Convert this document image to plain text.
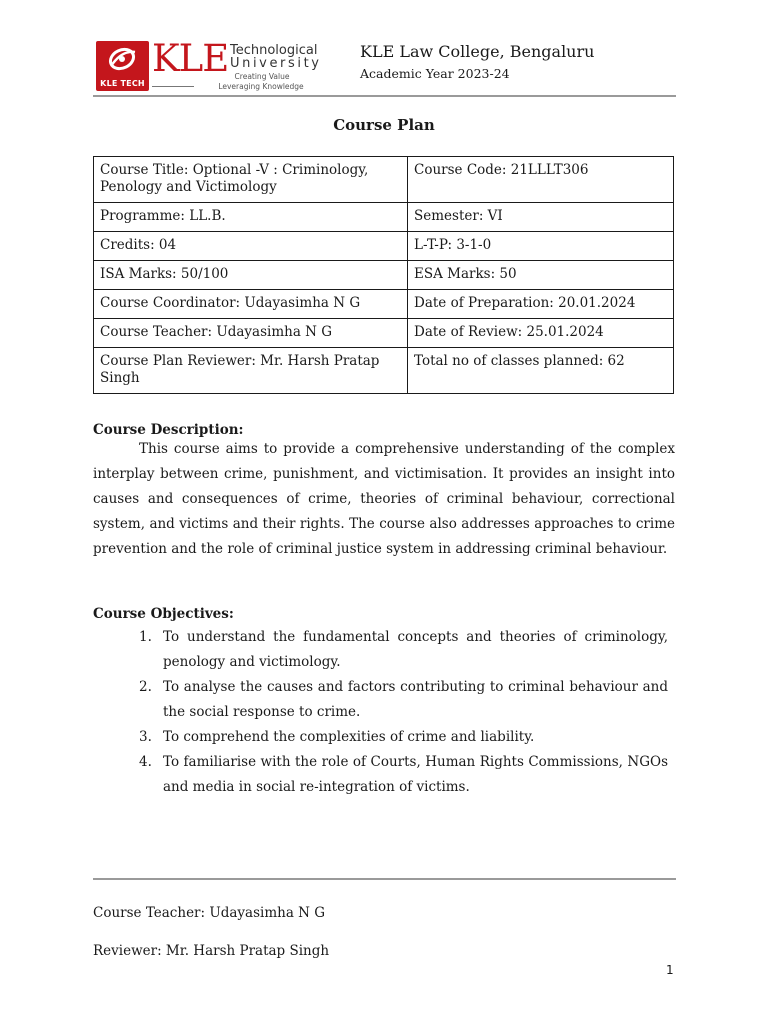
KLE TECH
KLE Technological
University
Creating Value
Leveraging Knowledge
KLE Law College, Bengaluru
Academic Year 2023-24
Course Plan
Course Title: Optional -V : Criminology, Penology and Victimology	Course Code: 21LLLT306
Programme: LL.B.	Semester: VI
Credits: 04	L-T-P: 3-1-0
ISA Marks: 50/100	ESA Marks: 50
Course Coordinator: Udayasimha N G	Date of Preparation: 20.01.2024
Course Teacher: Udayasimha N G	Date of Review: 25.01.2024
Course Plan Reviewer: Mr. Harsh Pratap Singh	Total no of classes planned: 62
Course Description:

This course aims to provide a comprehensive understanding of the complex interplay between crime, punishment, and victimisation. It provides an insight into causes and consequences of crime, theories of criminal behaviour, correctional system, and victims and their rights. The course also addresses approaches to crime prevention and the role of criminal justice system in addressing criminal behaviour.

Course Objectives:
1. To understand the fundamental concepts and theories of criminology, penology and victimology.
2. To analyse the causes and factors contributing to criminal behaviour and the social response to crime.
3. To comprehend the complexities of crime and liability.
4. To familiarise with the role of Courts, Human Rights Commissions, NGOs and media in social re-integration of victims.
Course Teacher: Udayasimha N G
Reviewer: Mr. Harsh Pratap Singh
1
